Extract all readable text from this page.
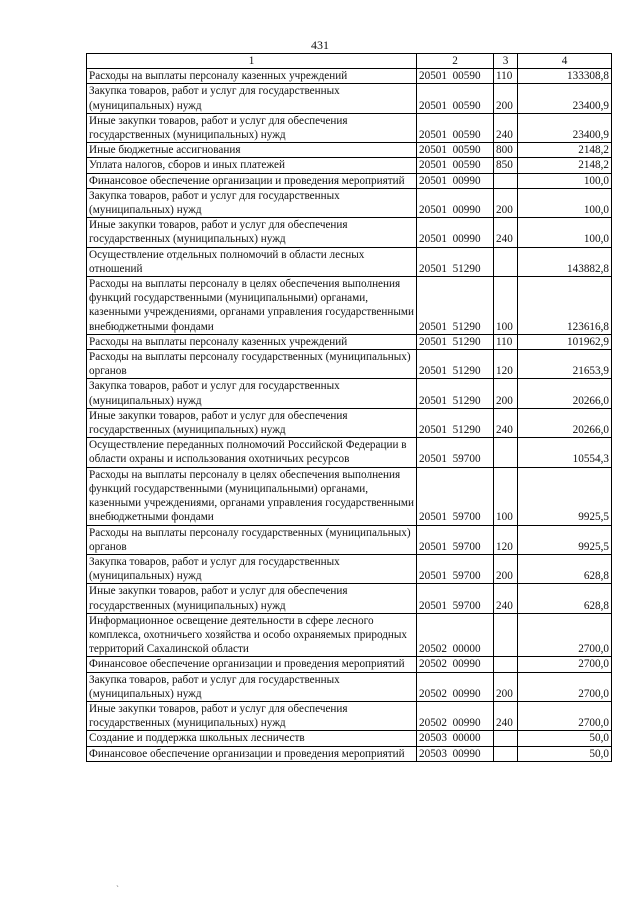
431
1	2	3	4
Расходы на выплаты персоналу казенных учреждений	20501  00590	110	133308,8
Закупка товаров, работ и услуг для государственных (муниципальных) нужд	20501  00590	200	23400,9
Иные закупки товаров, работ и услуг для обеспечения государственных (муниципальных) нужд	20501  00590	240	23400,9
Иные бюджетные ассигнования	20501  00590	800	2148,2
Уплата налогов, сборов и иных платежей	20501  00590	850	2148,2
Финансовое обеспечение организации и проведения мероприятий	20501  00990		100,0
Закупка товаров, работ и услуг для государственных (муниципальных) нужд	20501  00990	200	100,0
Иные закупки товаров, работ и услуг для обеспечения государственных (муниципальных) нужд	20501  00990	240	100,0
Осуществление отдельных полномочий в области лесных отношений	20501  51290		143882,8
Расходы на выплаты персоналу в целях обеспечения выполнения функций государственными (муниципальными) органами, казенными учреждениями, органами управления государственными внебюджетными фондами	20501  51290	100	123616,8
Расходы на выплаты персоналу казенных учреждений	20501  51290	110	101962,9
Расходы на выплаты персоналу государственных (муниципальных) органов	20501  51290	120	21653,9
Закупка товаров, работ и услуг для государственных (муниципальных) нужд	20501  51290	200	20266,0
Иные закупки товаров, работ и услуг для обеспечения государственных (муниципальных) нужд	20501  51290	240	20266,0
Осуществление переданных полномочий Российской Федерации в области охраны и использования охотничьих ресурсов	20501  59700		10554,3
Расходы на выплаты персоналу в целях обеспечения выполнения функций государственными (муниципальными) органами, казенными учреждениями, органами управления государственными внебюджетными фондами	20501  59700	100	9925,5
Расходы на выплаты персоналу государственных (муниципальных) органов	20501  59700	120	9925,5
Закупка товаров, работ и услуг для государственных (муниципальных) нужд	20501  59700	200	628,8
Иные закупки товаров, работ и услуг для обеспечения государственных (муниципальных) нужд	20501  59700	240	628,8
Информационное освещение деятельности в сфере лесного комплекса, охотничьего хозяйства и особо охраняемых природных территорий Сахалинской области	20502  00000		2700,0
Финансовое обеспечение организации и проведения мероприятий	20502  00990		2700,0
Закупка товаров, работ и услуг для государственных (муниципальных) нужд	20502  00990	200	2700,0
Иные закупки товаров, работ и услуг для обеспечения государственных (муниципальных) нужд	20502  00990	240	2700,0
Создание и поддержка школьных лесничеств	20503  00000		50,0
Финансовое обеспечение организации и проведения мероприятий	20503  00990		50,0
`
